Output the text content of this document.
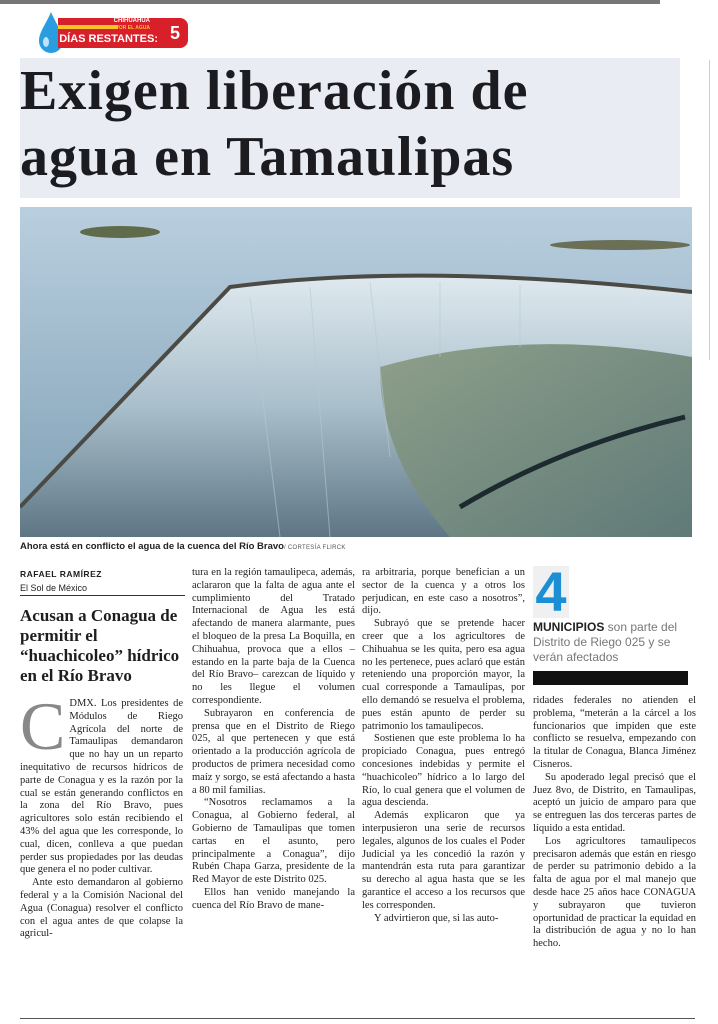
CHIHUAHUA
CONFLICTO POR EL AGUA
DÍAS RESTANTES: 5
Exigen liberación de
agua en Tamaulipas
Ahora está en conflicto el agua de la cuenca del Río Bravo/ CORTESÍA FLIRCK
RAFAEL RAMÍREZ
El Sol de México
Acusan a Conagua de permitir el “huachicoleo” hídrico en el Río Bravo

CDMX. Los presidentes de Módulos de Riego Agrícola del norte de Tamaulipas demandaron que no hay un un reparto inequitativo de recursos hídricos de parte de Conagua y es la razón por la cual se están generando conflictos en la zona del Río Bravo, pues agricultores solo están recibiendo el 43% del agua que les corresponde, lo cual, dicen, conlleva a que puedan perder sus propiedades por las deudas que genera el no poder cultivar.

Ante esto demandaron al gobierno federal y a la Comisión Nacional del Agua (Conagua) resolver el conflicto con el agua antes de que colapse la agricul-

tura en la región tamaulipeca, además, aclararon que la falta de agua ante el cumplimiento del Tratado Internacional de Agua les está afectando de manera alarmante, pues el bloqueo de la presa La Boquilla, en Chihuahua, provoca que a ellos –estando en la parte baja de la Cuenca del Río Bravo– carezcan de líquido y no les llegue el volumen correspondiente.

Subrayaron en conferencia de prensa que en el Distrito de Riego 025, al que pertenecen y que está orientado a la producción agrícola de productos de primera necesidad como maíz y sorgo, se está afectando a hasta a 80 mil familias.

“Nosotros reclamamos a la Conagua, al Gobierno federal, al Gobierno de Tamaulipas que tomen cartas en el asunto, pero principalmente a Conagua”, dijo Rubén Chapa Garza, presidente de la Red Mayor de este Distrito 025.

Ellos han venido manejando la cuenca del Río Bravo de mane-

ra arbitraria, porque benefician a un sector de la cuenca y a otros los perjudican, en este caso a nosotros”, dijo.

Subrayó que se pretende hacer creer que a los agricultores de Chihuahua se les quita, pero esa agua no les pertenece, pues aclaró que están reteniendo una proporción mayor, la cual corresponde a Tamaulipas, por ello demandó se resuelva el problema, pues están apunto de perder su patrimonio los tamaulipecos.

Sostienen que este problema lo ha propiciado Conagua, pues entregó concesiones indebidas y permite el “huachicoleo” hídrico a lo largo del Río, lo cual genera que el volumen de agua descienda.

Además explicaron que ya interpusieron una serie de recursos legales, algunos de los cuales el Poder Judicial ya les concedió la razón y mantendrán esta ruta para garantizar su derecho al agua hasta que se les garantice el acceso a los recursos que les corresponden.

Y advirtieron que, si las auto-

4
MUNICIPIOS son parte del Distrito de Riego 025 y se verán afectados

ridades federales no atienden el problema, “meterán a la cárcel a los funcionarios que impiden que este conflicto se resuelva, empezando con la titular de Conagua, Blanca Jiménez Cisneros.

Su apoderado legal precisó que el Juez 8vo, de Distrito, en Tamaulipas, aceptó un juicio de amparo para que se entreguen las dos terceras partes de líquido a esta entidad.

Los agricultores tamaulipecos precisaron además que están en riesgo de perder su patrimonio debido a la falta de agua por el mal manejo que desde hace 25 años hace CONAGUA y subrayaron que tuvieron oportunidad de practicar la equidad en la distribución de agua y no lo han hecho.
